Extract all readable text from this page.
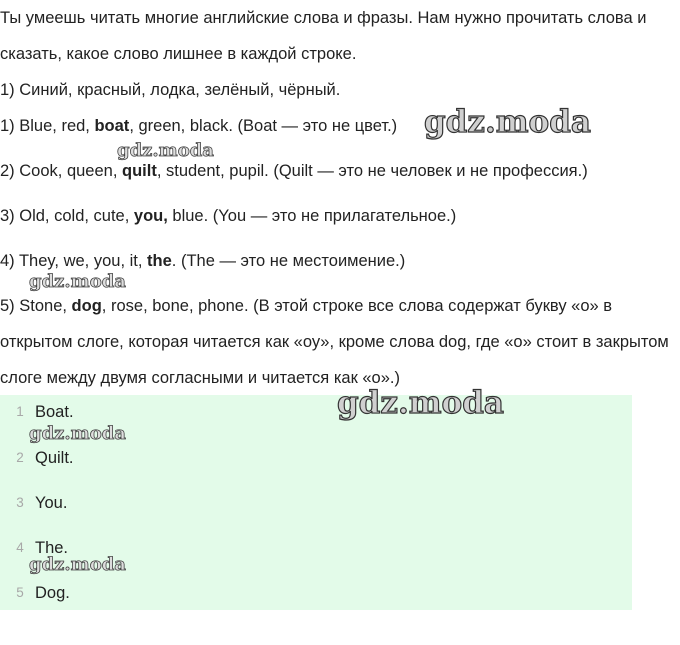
Ты умеешь читать многие английские слова и фразы. Нам нужно прочитать слова и сказать, какое слово лишнее в каждой строке.

1) Синий, красный, лодка, зелёный, чёрный.

1) Blue, red, boat, green, black. (Boat — это не цвет.)

2) Cook, queen, quilt, student, pupil. (Quilt — это не человек и не профессия.)

3) Old, cold, cute, you, blue. (You — это не прилагательное.)

4) They, we, you, it, the. (The — это не местоимение.)

5) Stone, dog, rose, bone, phone. (В этой строке все слова содержат букву «o» в открытом слоге, которая читается как «оу», кроме слова dog, где «o» стоит в закрытом слоге между двумя согласными и читается как «o».)

1 Boat.
2 Quilt.
3 You.
4 The.
5 Dog.
gdz.moda
gdz.moda
gdz.moda
gdz.moda
gdz.moda
gdz.moda
